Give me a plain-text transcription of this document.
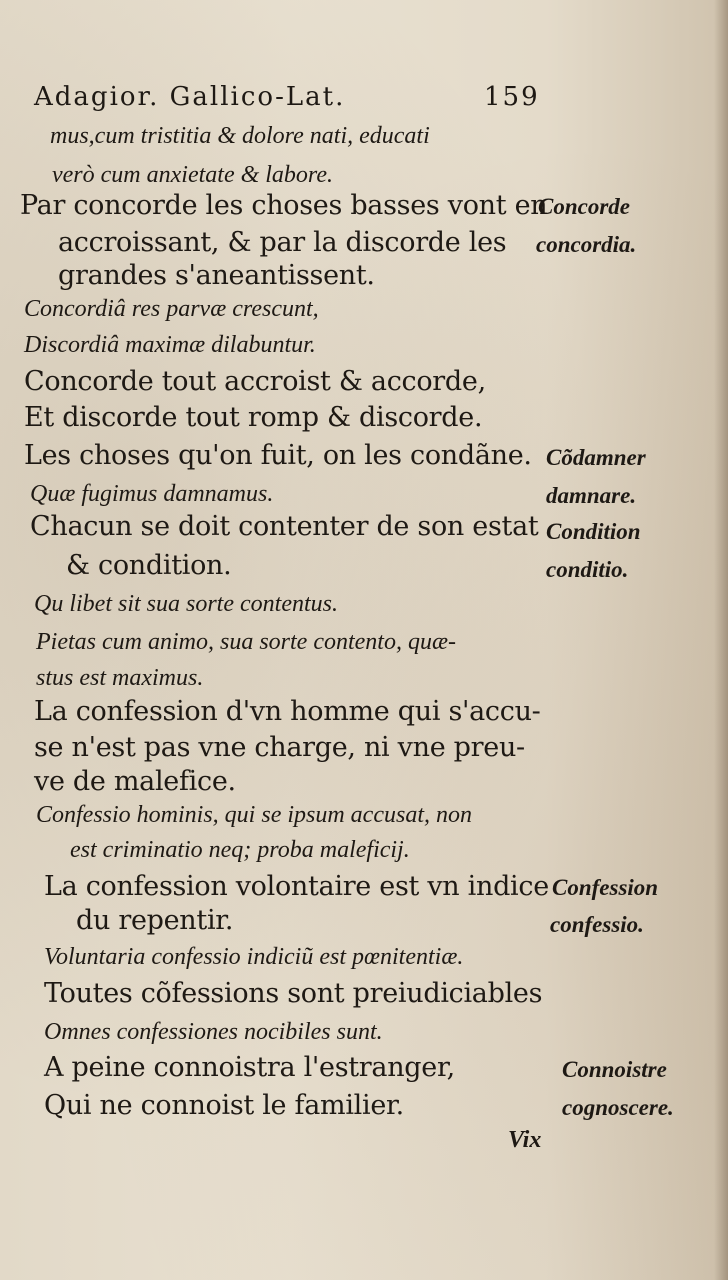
Adagior. Gallico-Lat.	159
mus,cum tristitia & dolore nati, educati
verò cum anxietate & labore.
Par concorde les choses basses vont en
accroissant, & par la discorde les
grandes s'aneantissent.
Concordiâ res parvæ crescunt,
Discordiâ maximæ dilabuntur.
Concorde tout accroist & accorde,
Et discorde tout romp & discorde.
Les choses qu'on fuit, on les condãne.
Quæ fugimus damnamus.
Chacun se doit contenter de son estat
& condition.
Qu libet sit sua sorte contentus.
Pietas cum animo, sua sorte contento, quæ-
stus est maximus.
La confession d'vn homme qui s'accu-
se n'est pas vne charge, ni vne preu-
ve de malefice.
Confessio hominis, qui se ipsum accusat, non
est criminatio neq; proba maleficij.
La confession volontaire est vn indice
du repentir.
Voluntaria confessio indiciũ est pœnitentiæ.
Toutes cõfessions sont preiudiciables
Omnes confessiones nocibiles sunt.
A peine connoistra l'estranger,
Qui ne connoist le familier.
Concorde
concordia.
Cõdamner
damnare.
Condition
conditio.
Confession
confessio.
Connoistre
cognoscere.
Vix
